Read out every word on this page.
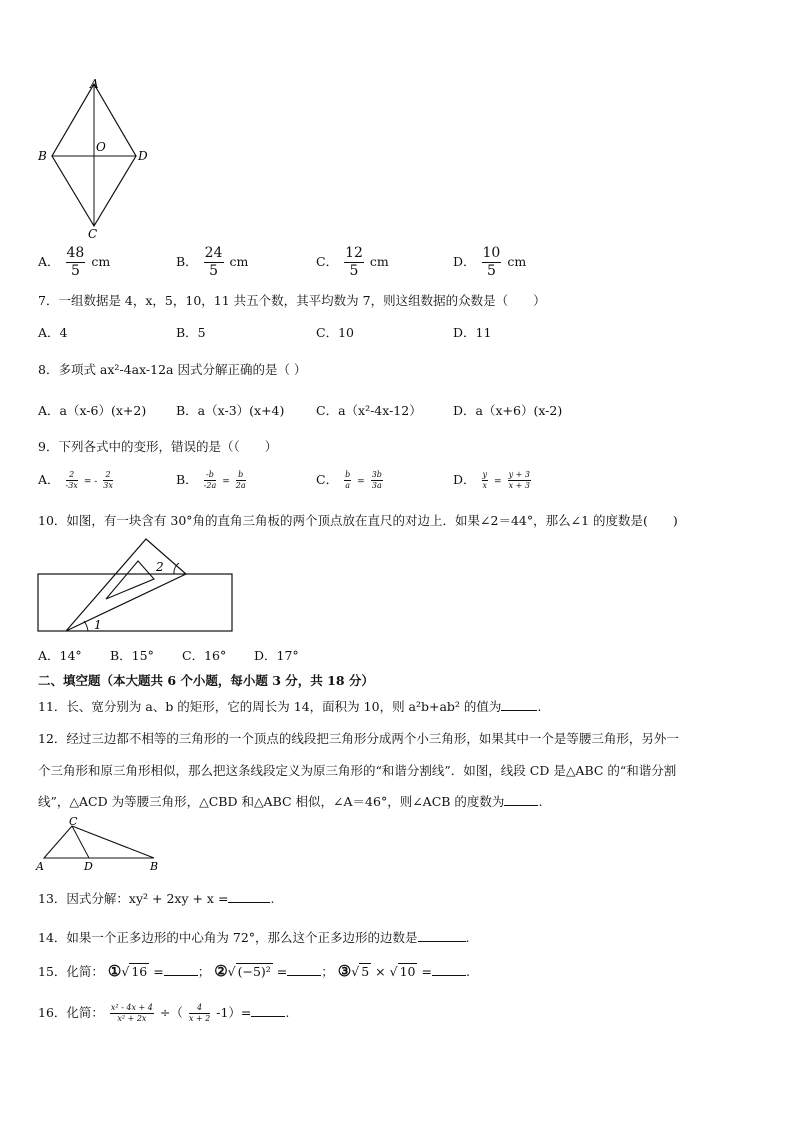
A
B
C
D
O
A． $\frac{48}{5}$ cm	B． $\frac{24}{5}$ cm	C． $\frac{12}{5}$ cm	D． $\frac{10}{5}$ cm
7．一组数据是 4，x，5，10，11 共五个数，其平均数为 7，则这组数据的众数是（　　）
A．4	B．5	C．10	D．11
8．多项式 ax²-4ax-12a 因式分解正确的是（ ）
A．a（x-6）(x+2) B．a（x-3）(x+4)	C．a（x²-4x-12）	D．a（x+6）(x-2)
9．下列各式中的变形，错误的是（（　　）
A． $\frac{2}{-3x}$ = - $\frac{2}{3x}$	B． $\frac{-b}{-2a} = \frac{b}{2a}$	C． $\frac{b}{a} = \frac{3b}{3a}$	D． $\frac{y}{x} = \frac{y + 3}{x + 3}$
10．如图，有一块含有 30°角的直角三角板的两个顶点放在直尺的对边上．如果∠2＝44°，那么∠1 的度数是(　　)
1
2
A．14° B．15° C．16° D．17°
二、填空题（本大题共 6 个小题，每小题 3 分，共 18 分）
11．长、宽分别为 a、b 的矩形，它的周长为 14，面积为 10，则 a²b+ab² 的值为	.
12．经过三边都不相等的三角形的一个顶点的线段把三角形分成两个小三角形，如果其中一个是等腰三角形，另外一
个三角形和原三角形相似，那么把这条线段定义为原三角形的“和谐分割线”．如图，线段 CD 是△ABC 的“和谐分割
线”，△ACD 为等腰三角形，△CBD 和△ABC 相似，∠A＝46°，则∠ACB 的度数为	.
A	B
C
D
13．因式分解：xy² + 2xy + x =	.
14．如果一个正多边形的中心角为 72°，那么这个正多边形的边数是	.
15．化简： ①√ 16 =	； ②√ (−5)² =	； ③√ 5 × √ 10 =	.
16．化简： $\frac{\text{x² - 4x + 4}}{\text{x² + 2x}}$ ÷（ $\frac{4}{x + 2} -1)=$	.
